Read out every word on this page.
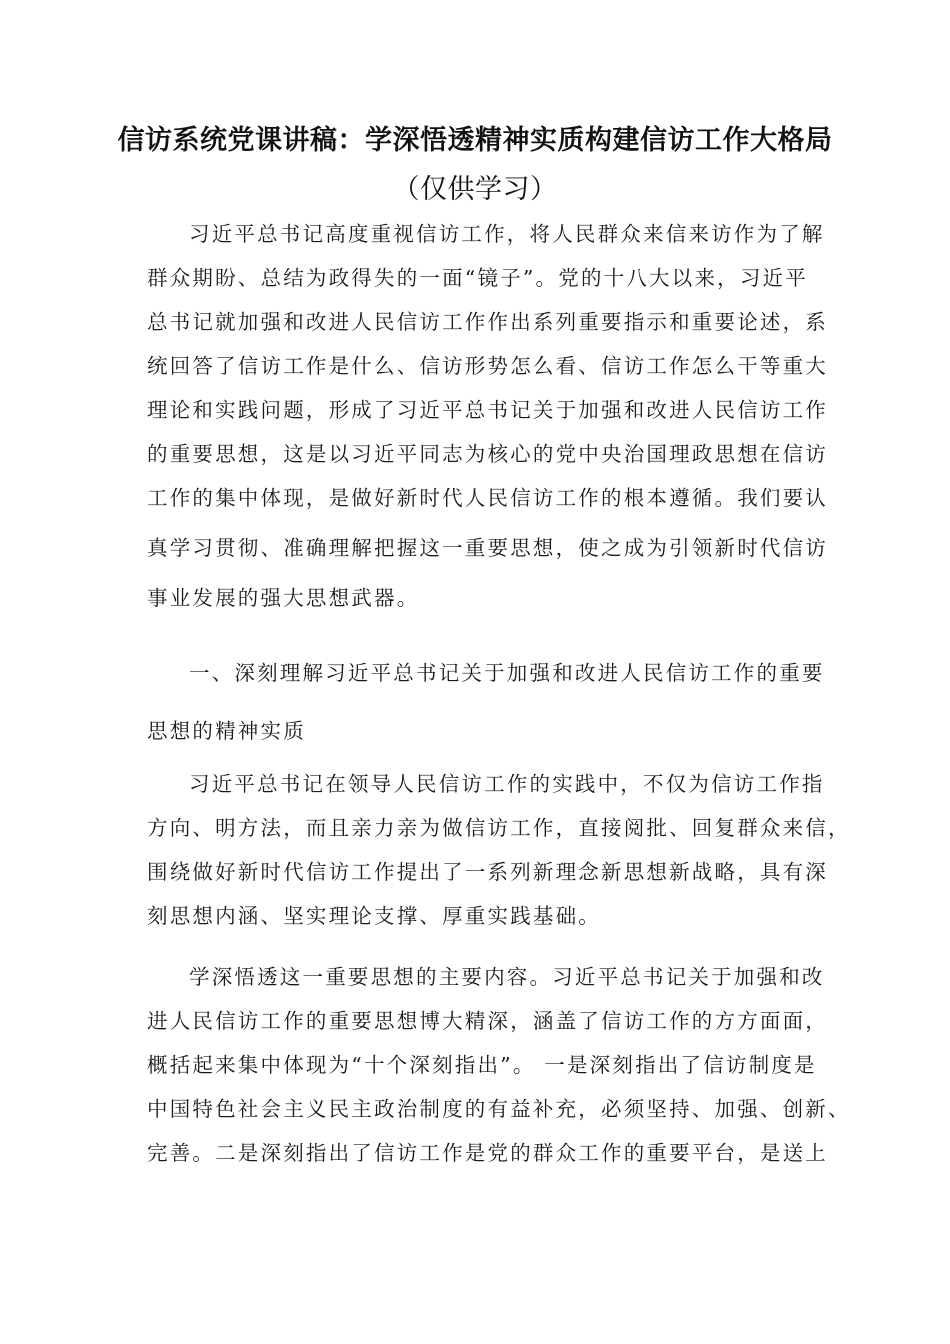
信访系统党课讲稿：学深悟透精神实质构建信访工作大格局
（仅供学习）

习近平总书记高度重视信访工作，将人民群众来信来访作为了解
群众期盼、总结为政得失的一面“镜子”。党的十八大以来，习近平
总书记就加强和改进人民信访工作作出系列重要指示和重要论述，系
统回答了信访工作是什么、信访形势怎么看、信访工作怎么干等重大
理论和实践问题，形成了习近平总书记关于加强和改进人民信访工作
的重要思想，这是以习近平同志为核心的党中央治国理政思想在信访
工作的集中体现，是做好新时代人民信访工作的根本遵循。我们要认
真学习贯彻、准确理解把握这一重要思想，使之成为引领新时代信访
事业发展的强大思想武器。

一、深刻理解习近平总书记关于加强和改进人民信访工作的重要
思想的精神实质

习近平总书记在领导人民信访工作的实践中，不仅为信访工作指
方向、明方法，而且亲力亲为做信访工作，直接阅批、回复群众来信，
围绕做好新时代信访工作提出了一系列新理念新思想新战略，具有深
刻思想内涵、坚实理论支撑、厚重实践基础。

学深悟透这一重要思想的主要内容。习近平总书记关于加强和改
进人民信访工作的重要思想博大精深，涵盖了信访工作的方方面面，
概括起来集中体现为“十个深刻指出”。 一是深刻指出了信访制度是
中国特色社会主义民主政治制度的有益补充，必须坚持、加强、创新、
完善。二是深刻指出了信访工作是党的群众工作的重要平台，是送上
